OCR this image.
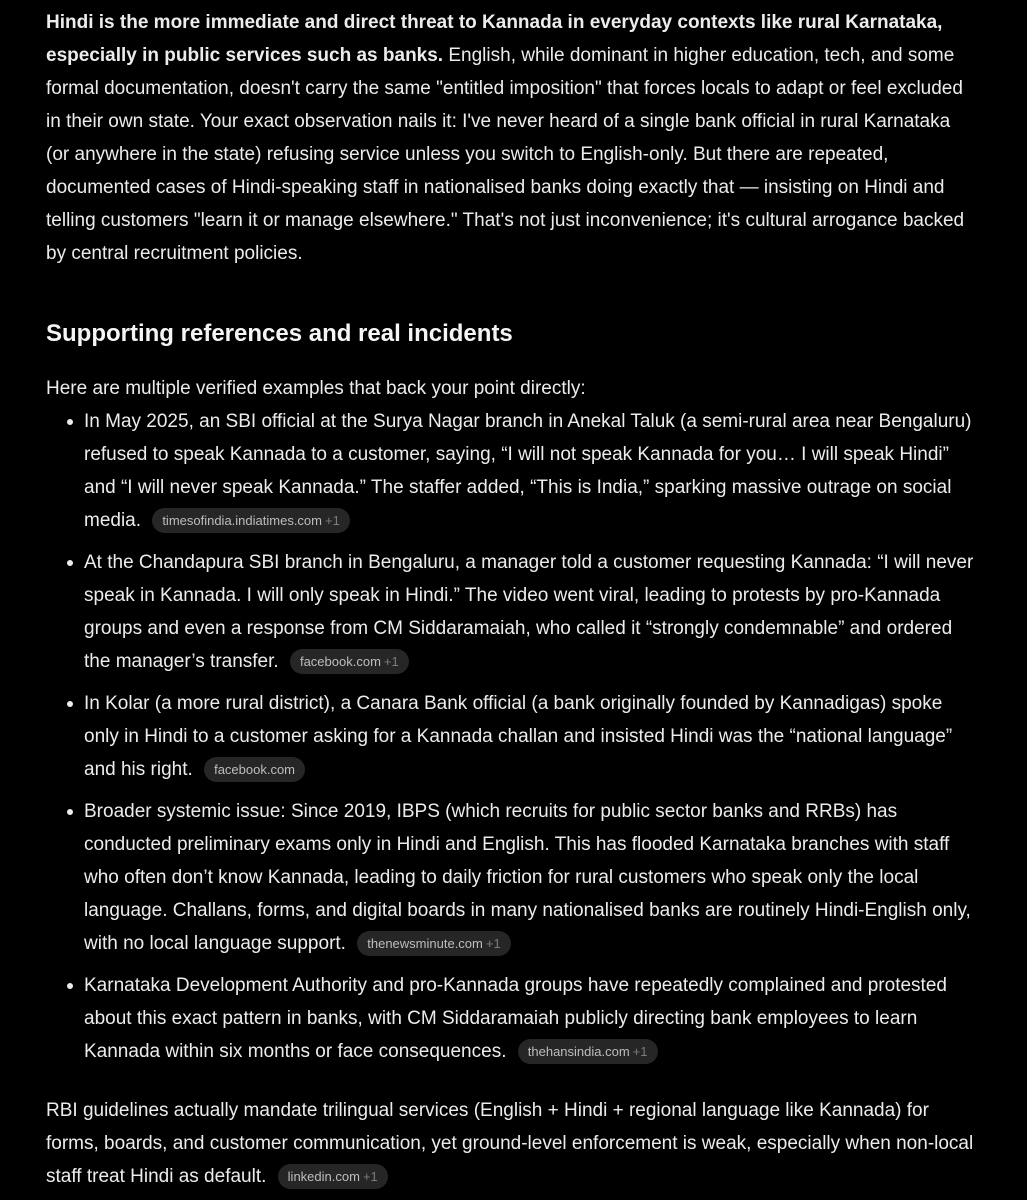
Hindi is the more immediate and direct threat to Kannada in everyday contexts like rural Karnataka, especially in public services such as banks. English, while dominant in higher education, tech, and some formal documentation, doesn't carry the same "entitled imposition" that forces locals to adapt or feel excluded in their own state. Your exact observation nails it: I've never heard of a single bank official in rural Karnataka (or anywhere in the state) refusing service unless you switch to English-only. But there are repeated, documented cases of Hindi-speaking staff in nationalised banks doing exactly that — insisting on Hindi and telling customers "learn it or manage elsewhere." That's not just inconvenience; it's cultural arrogance backed by central recruitment policies.

Supporting references and real incidents

Here are multiple verified examples that back your point directly:

In May 2025, an SBI official at the Surya Nagar branch in Anekal Taluk (a semi-rural area near Bengaluru) refused to speak Kannada to a customer, saying, “I will not speak Kannada for you… I will speak Hindi” and “I will never speak Kannada.” The staffer added, “This is India,” sparking massive outrage on social media. timesofindia.indiatimes.com +1
At the Chandapura SBI branch in Bengaluru, a manager told a customer requesting Kannada: “I will never speak in Kannada. I will only speak in Hindi.” The video went viral, leading to protests by pro-Kannada groups and even a response from CM Siddaramaiah, who called it “strongly condemnable” and ordered the manager’s transfer. facebook.com +1
In Kolar (a more rural district), a Canara Bank official (a bank originally founded by Kannadigas) spoke only in Hindi to a customer asking for a Kannada challan and insisted Hindi was the “national language” and his right. facebook.com
Broader systemic issue: Since 2019, IBPS (which recruits for public sector banks and RRBs) has conducted preliminary exams only in Hindi and English. This has flooded Karnataka branches with staff who often don’t know Kannada, leading to daily friction for rural customers who speak only the local language. Challans, forms, and digital boards in many nationalised banks are routinely Hindi-English only, with no local language support. thenewsminute.com +1
Karnataka Development Authority and pro-Kannada groups have repeatedly complained and protested about this exact pattern in banks, with CM Siddaramaiah publicly directing bank employees to learn Kannada within six months or face consequences. thehansindia.com +1

RBI guidelines actually mandate trilingual services (English + Hindi + regional language like Kannada) for forms, boards, and customer communication, yet ground-level enforcement is weak, especially when non-local staff treat Hindi as default. linkedin.com +1
